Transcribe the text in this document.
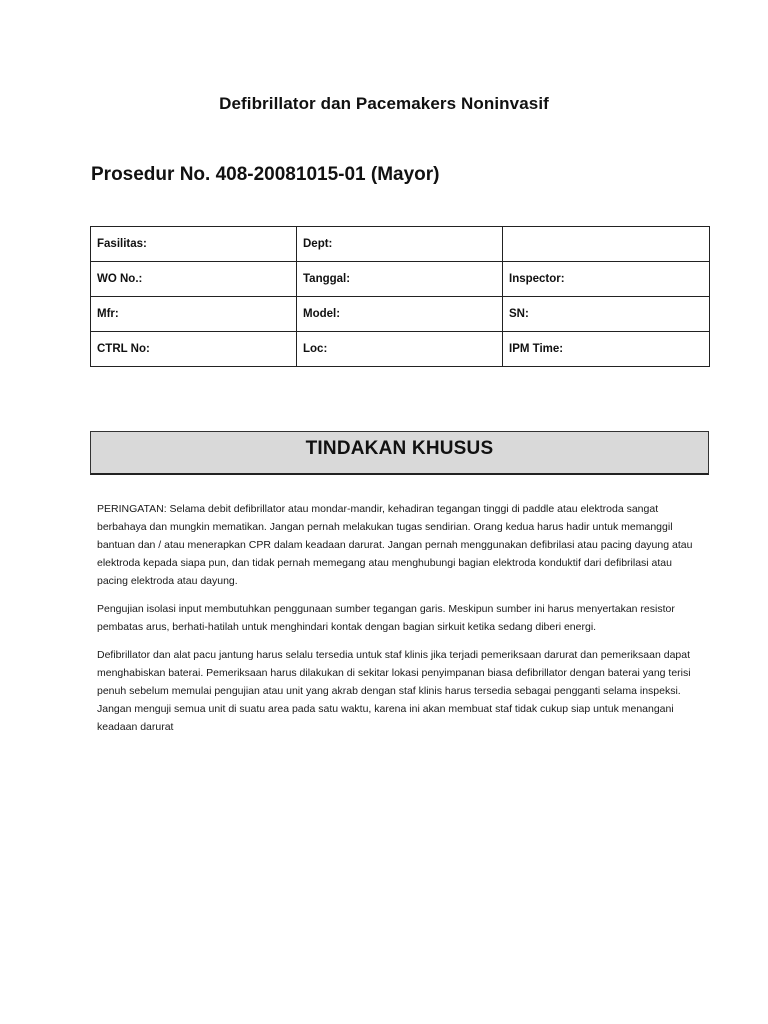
Defibrillator dan Pacemakers Noninvasif
Prosedur No. 408-20081015-01 (Mayor)
Fasilitas:	Dept:	
WO No.:	Tanggal:	Inspector:
Mfr:	Model:	SN:
CTRL No:	Loc:	IPM Time:
TINDAKAN KHUSUS

PERINGATAN: Selama debit defibrillator atau mondar-mandir, kehadiran tegangan tinggi di paddle atau elektroda sangat berbahaya dan mungkin mematikan. Jangan pernah melakukan tugas sendirian. Orang kedua harus hadir untuk memanggil bantuan dan / atau menerapkan CPR dalam keadaan darurat. Jangan pernah menggunakan defibrilasi atau pacing dayung atau elektroda kepada siapa pun, dan tidak pernah memegang atau menghubungi bagian elektroda konduktif dari defibrilasi atau pacing elektroda atau dayung.

Pengujian isolasi input membutuhkan penggunaan sumber tegangan garis. Meskipun sumber ini harus menyertakan resistor pembatas arus, berhati-hatilah untuk menghindari kontak dengan bagian sirkuit ketika sedang diberi energi.

Defibrillator dan alat pacu jantung harus selalu tersedia untuk staf klinis jika terjadi pemeriksaan darurat dan pemeriksaan dapat menghabiskan baterai. Pemeriksaan harus dilakukan di sekitar lokasi penyimpanan biasa defibrillator dengan baterai yang terisi penuh sebelum memulai pengujian atau unit yang akrab dengan staf klinis harus tersedia sebagai pengganti selama inspeksi. Jangan menguji semua unit di suatu area pada satu waktu, karena ini akan membuat staf tidak cukup siap untuk menangani keadaan darurat
